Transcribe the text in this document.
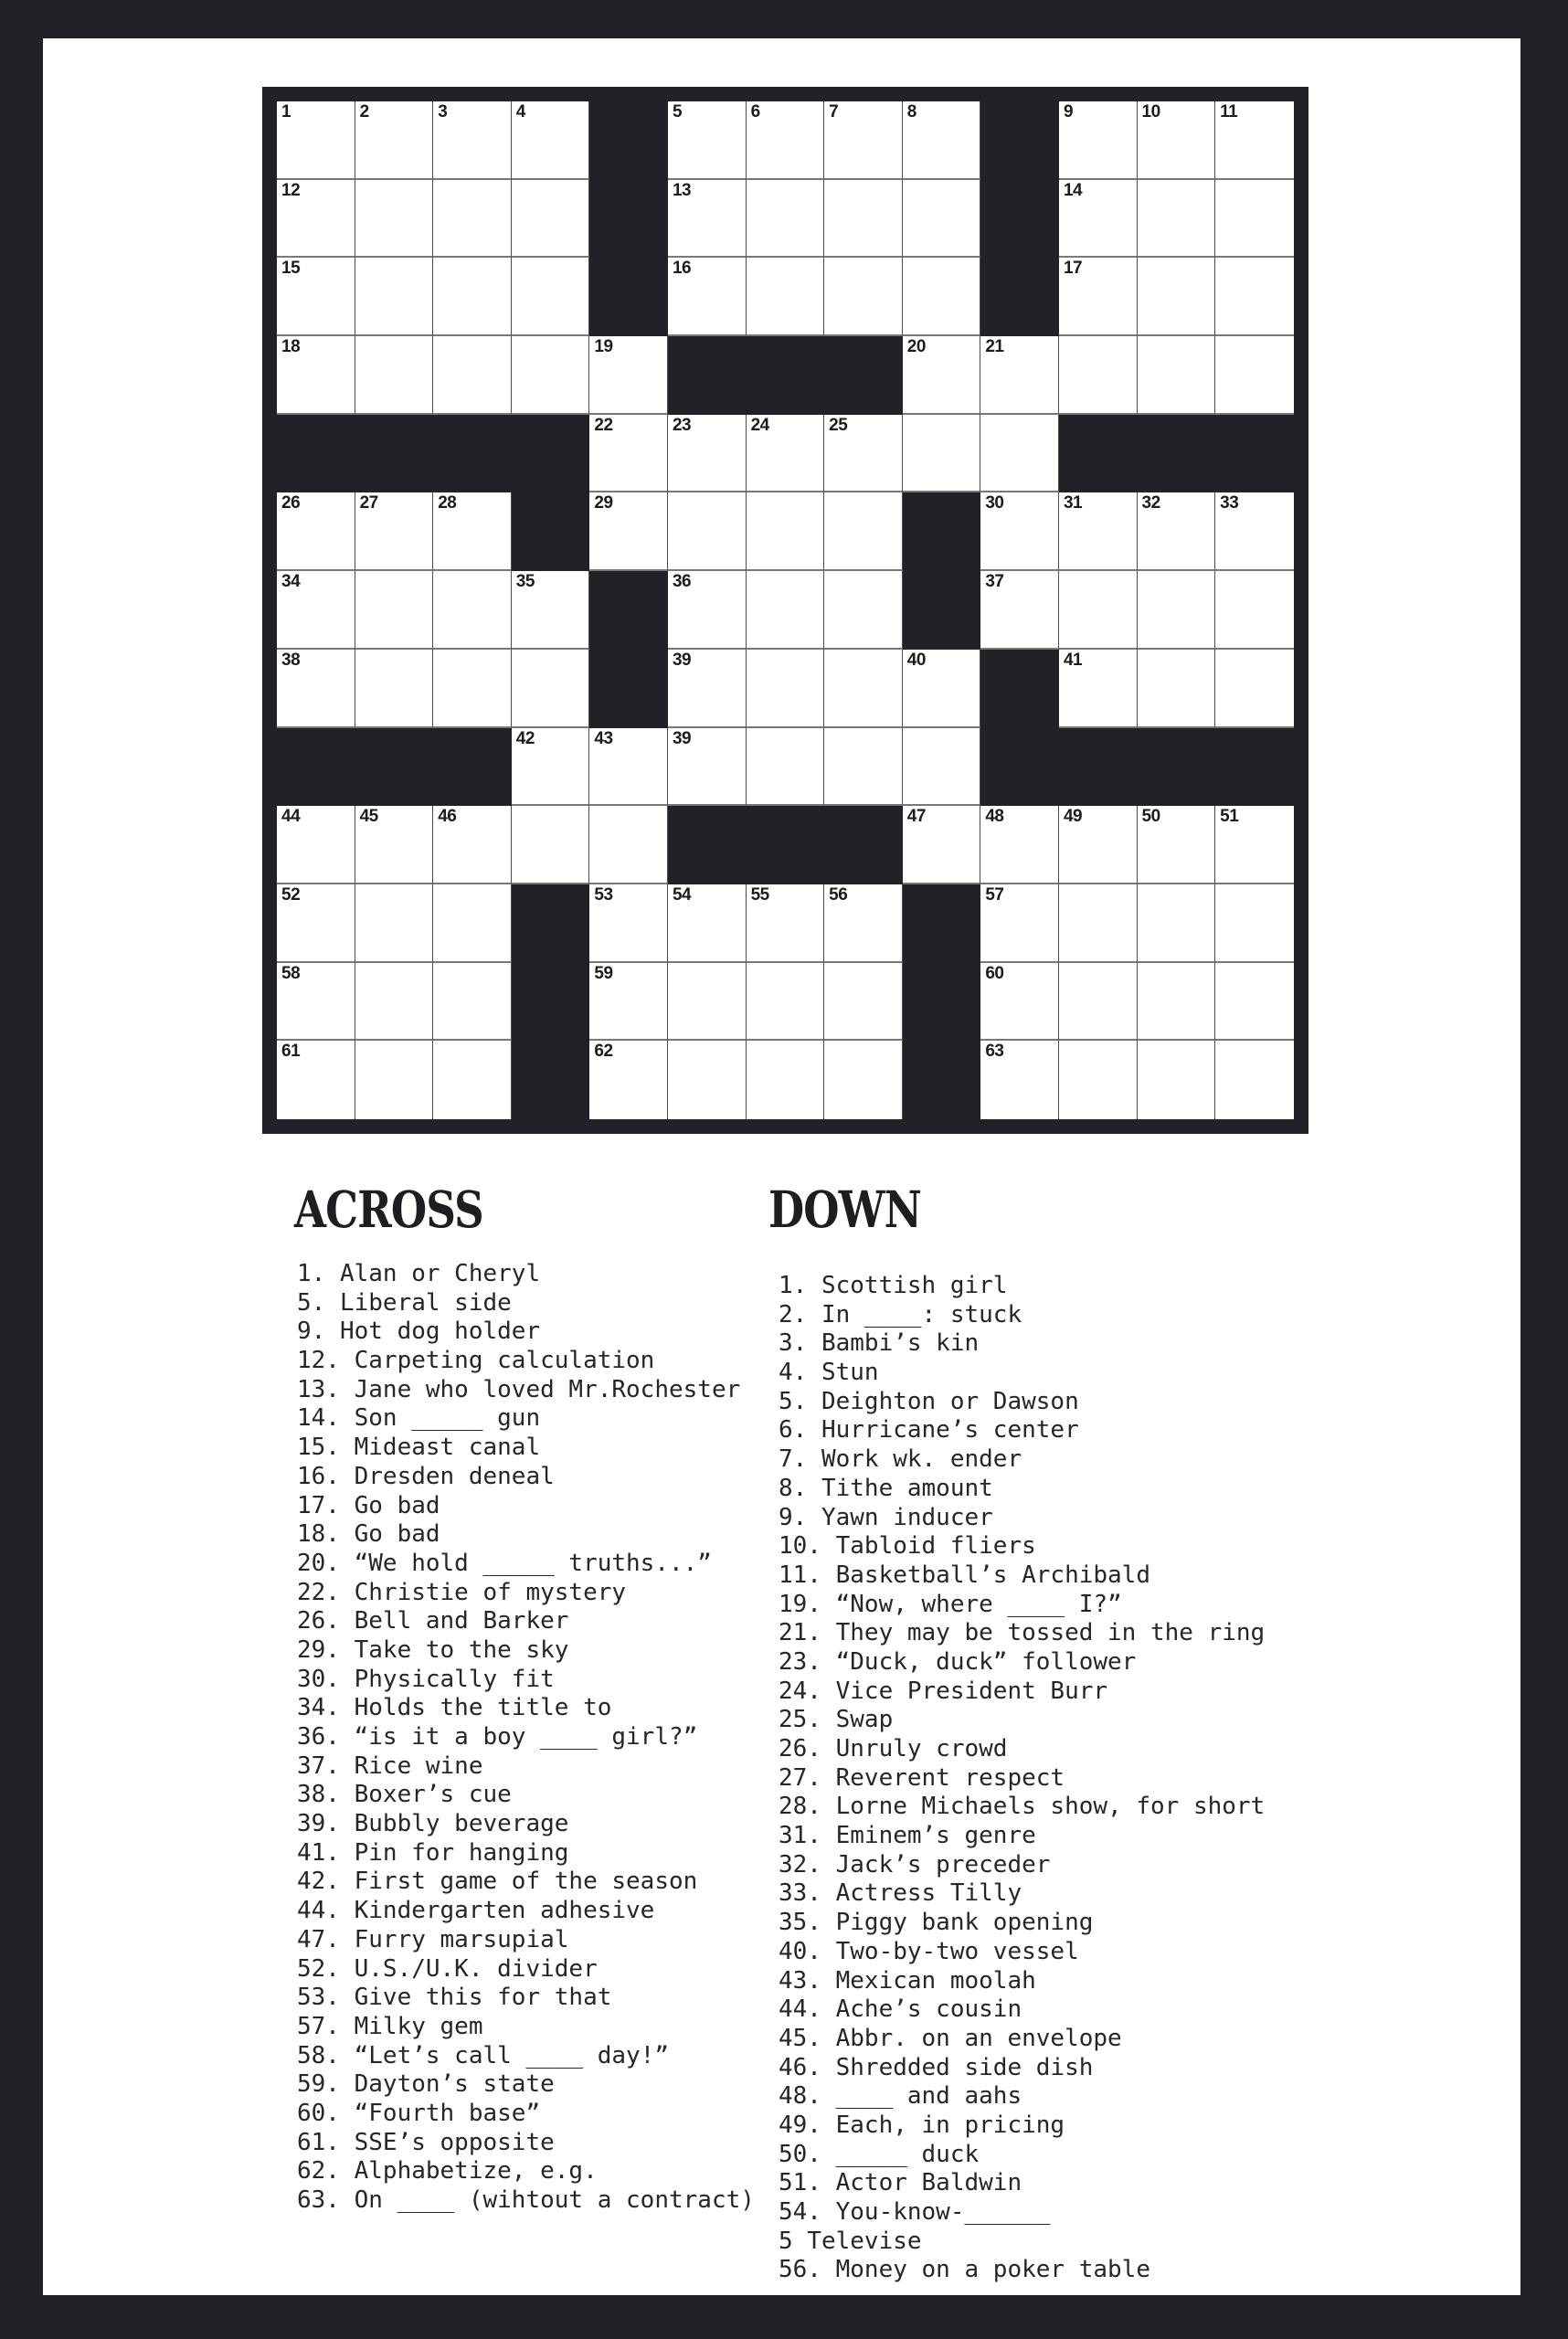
1	2	3	4	5	6	7	8	9	10	11
12	13	14
15	16	17
18	19	20	21
22	23	24	25
26	27	28	29	30	31	32	33
34	35	36	37
38	39	40	41
42	43	39
44	45	46	47	48	49	50	51
52	53	54	55	56	57
58	59	60
61	62	63
ACROSS	DOWN
1. Alan or Cheryl
5. Liberal side
9. Hot dog holder
12. Carpeting calculation
13. Jane who loved Mr.Rochester
14. Son _____ gun
15. Mideast canal
16. Dresden deneal
17. Go bad
18. Go bad
20. “We hold _____ truths...”
22. Christie of mystery
26. Bell and Barker
29. Take to the sky
30. Physically fit
34. Holds the title to
36. “is it a boy ____ girl?”
37. Rice wine
38. Boxer’s cue
39. Bubbly beverage
41. Pin for hanging
42. First game of the season
44. Kindergarten adhesive
47. Furry marsupial
52. U.S./U.K. divider
53. Give this for that
57. Milky gem
58. “Let’s call ____ day!”
59. Dayton’s state
60. “Fourth base”
61. SSE’s opposite
62. Alphabetize, e.g.
63. On ____ (wihtout a contract)
1. Scottish girl
2. In ____: stuck
3. Bambi’s kin
4. Stun
5. Deighton or Dawson
6. Hurricane’s center
7. Work wk. ender
8. Tithe amount
9. Yawn inducer
10. Tabloid fliers
11. Basketball’s Archibald
19. “Now, where ____ I?”
21. They may be tossed in the ring
23. “Duck, duck” follower
24. Vice President Burr
25. Swap
26. Unruly crowd
27. Reverent respect
28. Lorne Michaels show, for short
31. Eminem’s genre
32. Jack’s preceder
33. Actress Tilly
35. Piggy bank opening
40. Two-by-two vessel
43. Mexican moolah
44. Ache’s cousin
45. Abbr. on an envelope
46. Shredded side dish
48. ____ and aahs
49. Each, in pricing
50. _____ duck
51. Actor Baldwin
54. You-know-______
5 Televise
56. Money on a poker table
